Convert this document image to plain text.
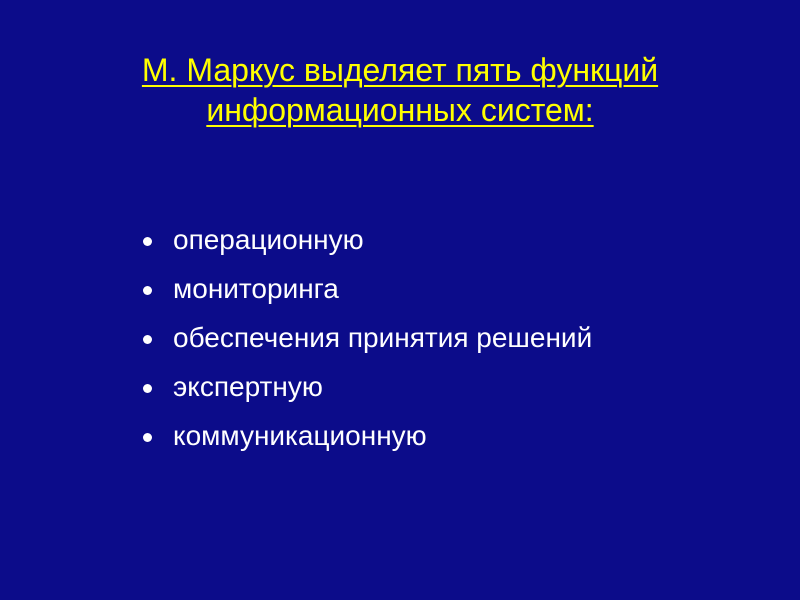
М. Маркус выделяет пять функций информационных систем:
операционную
мониторинга
обеспечения принятия решений
экспертную
коммуникационную
